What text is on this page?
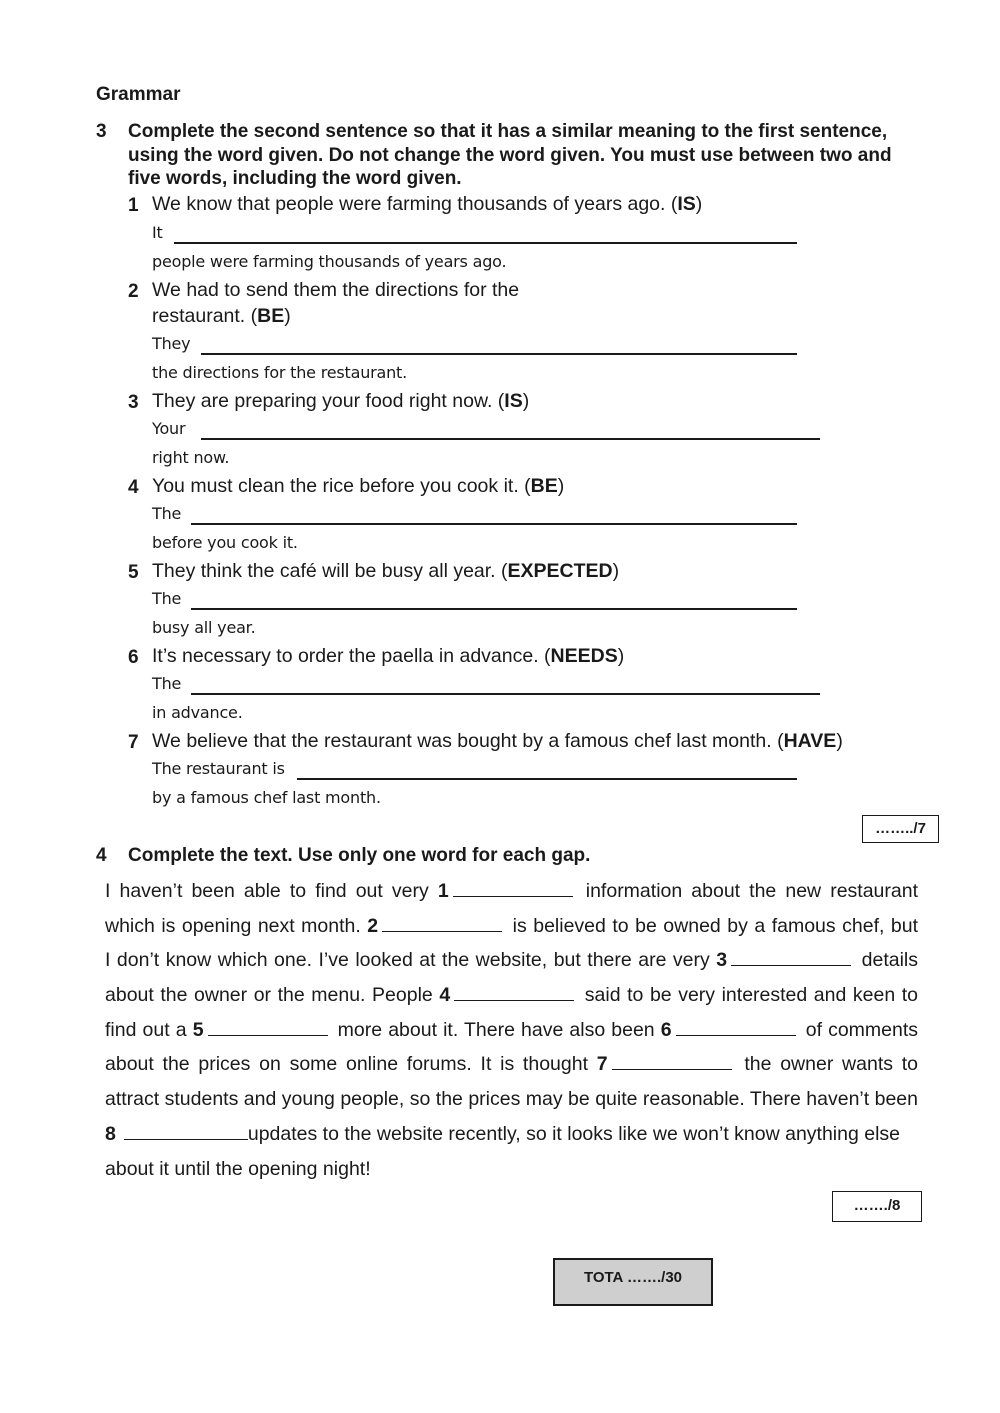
Grammar
3 Complete the second sentence so that it has a similar meaning to the first sentence,
using the word given. Do not change the word given. You must use between two and
five words, including the word given.
1 We know that people were farming thousands of years ago. (IS)
It
people were farming thousands of years ago.
2 We had to send them the directions for the
restaurant. (BE)
They
the directions for the restaurant.
3 They are preparing your food right now. (IS)
Your
right now.
4 You must clean the rice before you cook it. (BE)
The
before you cook it.
5 They think the café will be busy all year. (EXPECTED)
The
busy all year.
6 It’s necessary to order the paella in advance. (NEEDS)
The
in advance.
7 We believe that the restaurant was bought by a famous chef last month. (HAVE)
The restaurant is
by a famous chef last month.
……../7
4 Complete the text. Use only one word for each gap.
I haven’t been able to find out very 1	information about the new restaurant
which is opening next month. 2	is believed to be owned by a famous chef, but
I don’t know which one. I’ve looked at the website, but there are very 3	details
about the owner or the menu. People 4	said to be very interested and keen to
find out a 5	more about it. There have also been 6	of comments
about the prices on some online forums. It is thought 7	the owner wants to
attract students and young people, so the prices may be quite reasonable. There haven’t been
8	updates to the website recently, so it looks like we won’t know anything else
about it until the opening night!
……./8
TOTA ……./30
